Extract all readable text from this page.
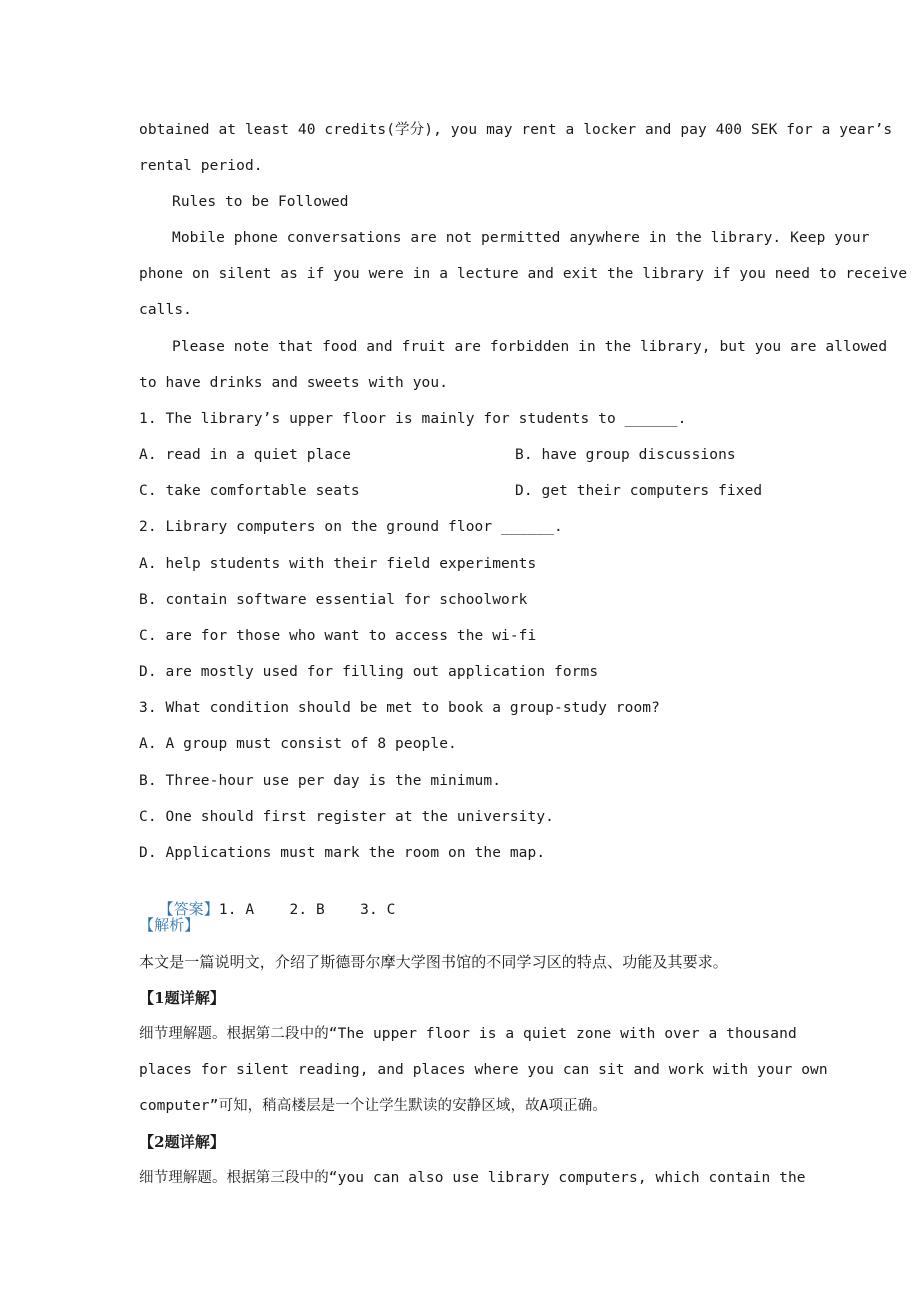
obtained at least 40 credits(学分), you may rent a locker and pay 400 SEK for a year’s
rental period.
Rules to be Followed
Mobile phone conversations are not permitted anywhere in the library. Keep your
phone on silent as if you were in a lecture and exit the library if you need to receive
calls.
Please note that food and fruit are forbidden in the library, but you are allowed
to have drinks and sweets with you.
1. The library’s upper floor is mainly for students to ______.
A. read in a quiet place	B. have group discussions
C. take comfortable seats	D. get their computers fixed
2. Library computers on the ground floor ______.
A. help students with their field experiments
B. contain software essential for schoolwork
C. are for those who want to access the wi-fi
D. are mostly used for filling out application forms
3. What condition should be met to book a group-study room?
A. A group must consist of 8 people.
B. Three-hour use per day is the minimum.
C. One should first register at the university.
D. Applications must mark the room on the map.

【答案】1. A    2. B    3. C

【解析】
本文是一篇说明文，介绍了斯德哥尔摩大学图书馆的不同学习区的特点、功能及其要求。
【1题详解】
细节理解题。根据第二段中的“The upper floor is a quiet zone with over a thousand
places for silent reading, and places where you can sit and work with your own
computer”可知，稍高楼层是一个让学生默读的安静区域，故A项正确。
【2题详解】
细节理解题。根据第三段中的“you can also use library computers, which contain the
